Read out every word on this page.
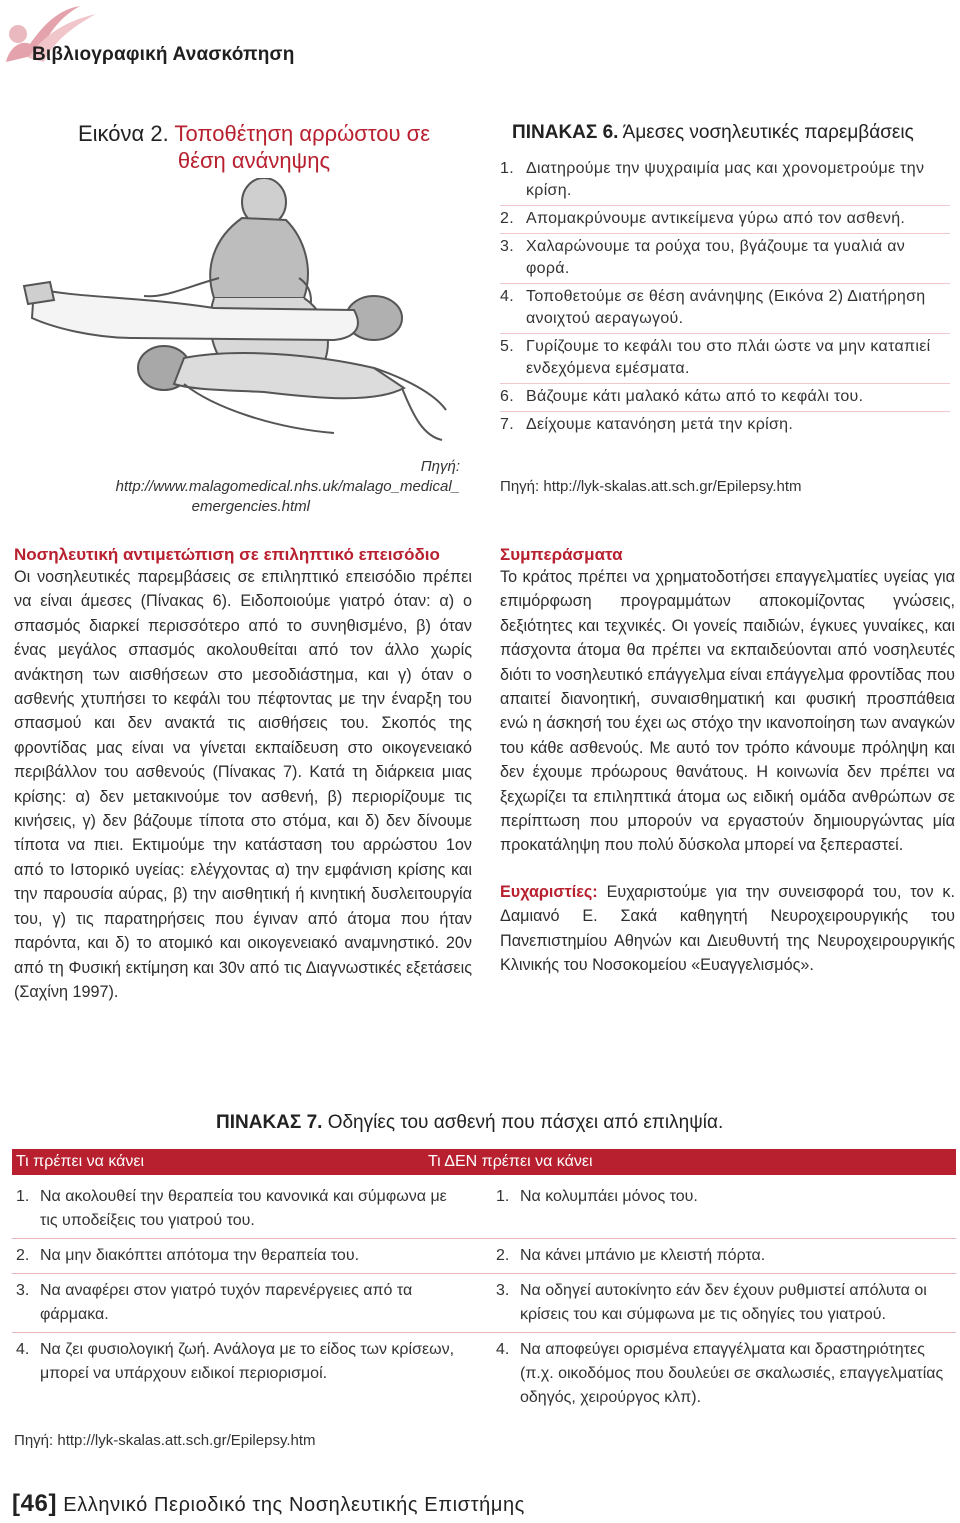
Βιβλιογραφική Ανασκόπηση
Εικόνα 2. Τοποθέτηση αρρώστου σε θέση ανάνηψης
Πηγή: http://www.malagomedical.nhs.uk/malago_medical_
emergencies.html
ΠΙΝΑΚΑΣ 6. Άμεσες νοσηλευτικές παρεμβάσεις
1. Διατηρούμε την ψυχραιμία μας και χρονομετρούμε την κρίση.
2. Απομακρύνουμε αντικείμενα γύρω από τον ασθενή.
3. Χαλαρώνουμε τα ρούχα του, βγάζουμε τα γυαλιά αν φορά.
4. Τοποθετούμε σε θέση ανάνηψης (Εικόνα 2) Διατήρηση ανοιχτού αεραγωγού.
5. Γυρίζουμε το κεφάλι του στο πλάι ώστε να μην καταπιεί ενδεχόμενα εμέσματα.
6. Βάζουμε κάτι μαλακό κάτω από το κεφάλι του.
7. Δείχουμε κατανόηση μετά την κρίση.
Πηγή: http://lyk-skalas.att.sch.gr/Epilepsy.htm
Νοσηλευτική αντιμετώπιση σε επιληπτικό επεισόδιο

Οι νοσηλευτικές παρεμβάσεις σε επιληπτικό επεισόδιο πρέπει να είναι άμεσες (Πίνακας 6). Ειδοποιούμε γιατρό όταν: α) ο σπασμός διαρκεί περισσότερο από το συνηθισμένο, β) όταν ένας μεγάλος σπασμός ακολουθείται από τον άλλο χωρίς ανάκτηση των αισθήσεων στο μεσοδιάστημα, και γ) όταν ο ασθενής χτυπήσει το κεφάλι του πέφτοντας με την έναρξη του σπασμού και δεν ανακτά τις αισθήσεις του. Σκοπός της φροντίδας μας είναι να γίνεται εκπαίδευση στο οικογενειακό περιβάλλον του ασθενούς (Πίνακας 7). Κατά τη διάρκεια μιας κρίσης: α) δεν μετακινούμε τον ασθενή, β) περιορίζουμε τις κινήσεις, γ) δεν βάζουμε τίποτα στο στόμα, και δ) δεν δίνουμε τίποτα να πιει. Εκτιμούμε την κατάσταση του αρρώστου 1ον από το Ιστορικό υγείας: ελέγχοντας α) την εμφάνιση κρίσης και την παρουσία αύρας, β) την αισθητική ή κινητική δυσλειτουργία του, γ) τις παρατηρήσεις που έγιναν από άτομα που ήταν παρόντα, και δ) το ατομικό και οικογενειακό αναμνηστικό. 20ν από τη Φυσική εκτίμηση και 30ν από τις Διαγνωστικές εξετάσεις (Σαχίνη 1997).

Συμπεράσματα

Το κράτος πρέπει να χρηματοδοτήσει επαγγελματίες υγείας για επιμόρφωση προγραμμάτων αποκομίζοντας γνώσεις, δεξιότητες και τεχνικές. Οι γονείς παιδιών, έγκυες γυναίκες, και πάσχοντα άτομα θα πρέπει να εκπαιδεύονται από νοσηλευτές διότι το νοσηλευτικό επάγγελμα είναι επάγγελμα φροντίδας που απαιτεί διανοητική, συναισθηματική και φυσική προσπάθεια ενώ η άσκησή του έχει ως στόχο την ικανοποίηση των αναγκών του κάθε ασθενούς. Με αυτό τον τρόπο κάνουμε πρόληψη και δεν έχουμε πρόωρους θανάτους. Η κοινωνία δεν πρέπει να ξεχωρίζει τα επιληπτικά άτομα ως ειδική ομάδα ανθρώπων σε περίπτωση που μπορούν να εργαστούν δημιουργώντας μία προκατάληψη που πολύ δύσκολα μπορεί να ξεπεραστεί.

Ευχαριστίες: Ευχαριστούμε για την συνεισφορά του, τον κ. Δαμιανό Ε. Σακά καθηγητή Νευροχειρουργικής του Πανεπιστημίου Αθηνών και Διευθυντή της Νευροχειρουργικής Κλινικής του Νοσοκομείου «Ευαγγελισμός».

ΠΙΝΑΚΑΣ 7. Οδηγίες του ασθενή που πάσχει από επιληψία.
Τι πρέπει να κάνει	Τι ΔΕΝ πρέπει να κάνει
1. Να ακολουθεί την θεραπεία του κανονικά και σύμφωνα με τις υποδείξεις του γιατρού του.
1. Να κολυμπάει μόνος του.
2. Να μην διακόπτει απότομα την θεραπεία του.	2. Να κάνει μπάνιο με κλειστή πόρτα.
3. Να αναφέρει στον γιατρό τυχόν παρενέργειες από τα φάρμακα.
3. Να οδηγεί αυτοκίνητο εάν δεν έχουν ρυθμιστεί απόλυτα οι κρίσεις του και σύμφωνα με τις οδηγίες του γιατρού.
4. Να ζει φυσιολογική ζωή. Ανάλογα με το είδος των κρίσεων, μπορεί να υπάρχουν ειδικοί περιορισμοί.
4. Να αποφεύγει ορισμένα επαγγέλματα και δραστηριότητες (π.χ. οικοδόμος που δουλεύει σε σκαλωσιές, επαγγελματίας οδηγός, χειρούργος κλπ).
Πηγή: http://lyk-skalas.att.sch.gr/Epilepsy.htm
[46] Ελληνικό Περιοδικό της Νοσηλευτικής Επιστήμης
